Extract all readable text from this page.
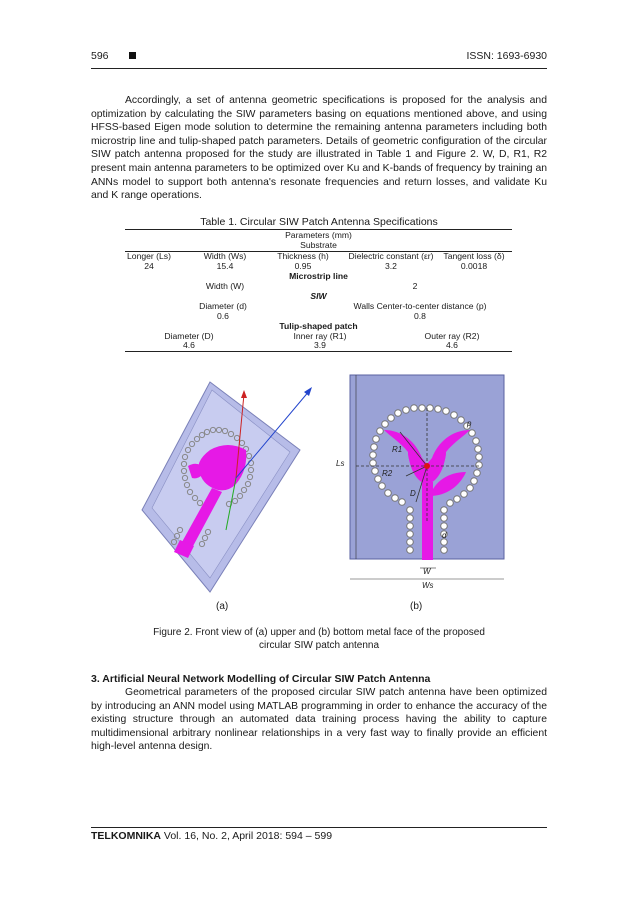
596	ISSN: 1693-6930

Accordingly, a set of antenna geometric specifications is proposed for the analysis and optimization by calculating the SIW parameters basing on equations mentioned above, and using HFSS-based Eigen mode solution to determine the remaining antenna parameters including both microstrip line and tulip-shaped patch parameters. Details of geometric configuration of the circular SIW patch antenna proposed for the study are illustrated in Table 1 and Figure 2. W, D, R1, R2 present main antenna parameters to be optimized over Ku and K-bands of frequency by training an ANNs model to support both antenna's resonate frequencies and return losses, and validate Ku and K range operations.

Table 1. Circular SIW Patch Antenna Specifications
Parameters (mm)
Substrate
Longer (Ls)	Width (Ws)	Thickness (h)	Dielectric constant (εr)	Tangent loss (δ)
24	15.4	0.95	3.2	0.0018
Microstrip line
Width (W)	2
SIW
Diameter (d)	Walls Center-to-center distance (p)
0.6	0.8
Tulip-shaped patch
Diameter (D)	Inner ray (R1)	Outer ray (R2)
4.6	3.9	4.6
Ls
Ws
W
d
p
R1
R2
D
(a)	(b)
Figure 2. Front view of (a) upper and (b) bottom metal face of the proposed
circular SIW patch antenna
3. Artificial Neural Network Modelling of Circular SIW Patch Antenna

Geometrical parameters of the proposed circular SIW patch antenna have been optimized by introducing an ANN model using MATLAB programming in order to enhance the accuracy of the existing structure through an automated data training process having the ability to capture multidimensional arbitrary nonlinear relationships in a very fast way to finally provide an efficient high-level antenna design.

TELKOMNIKA Vol. 16, No. 2, April 2018: 594 – 599
